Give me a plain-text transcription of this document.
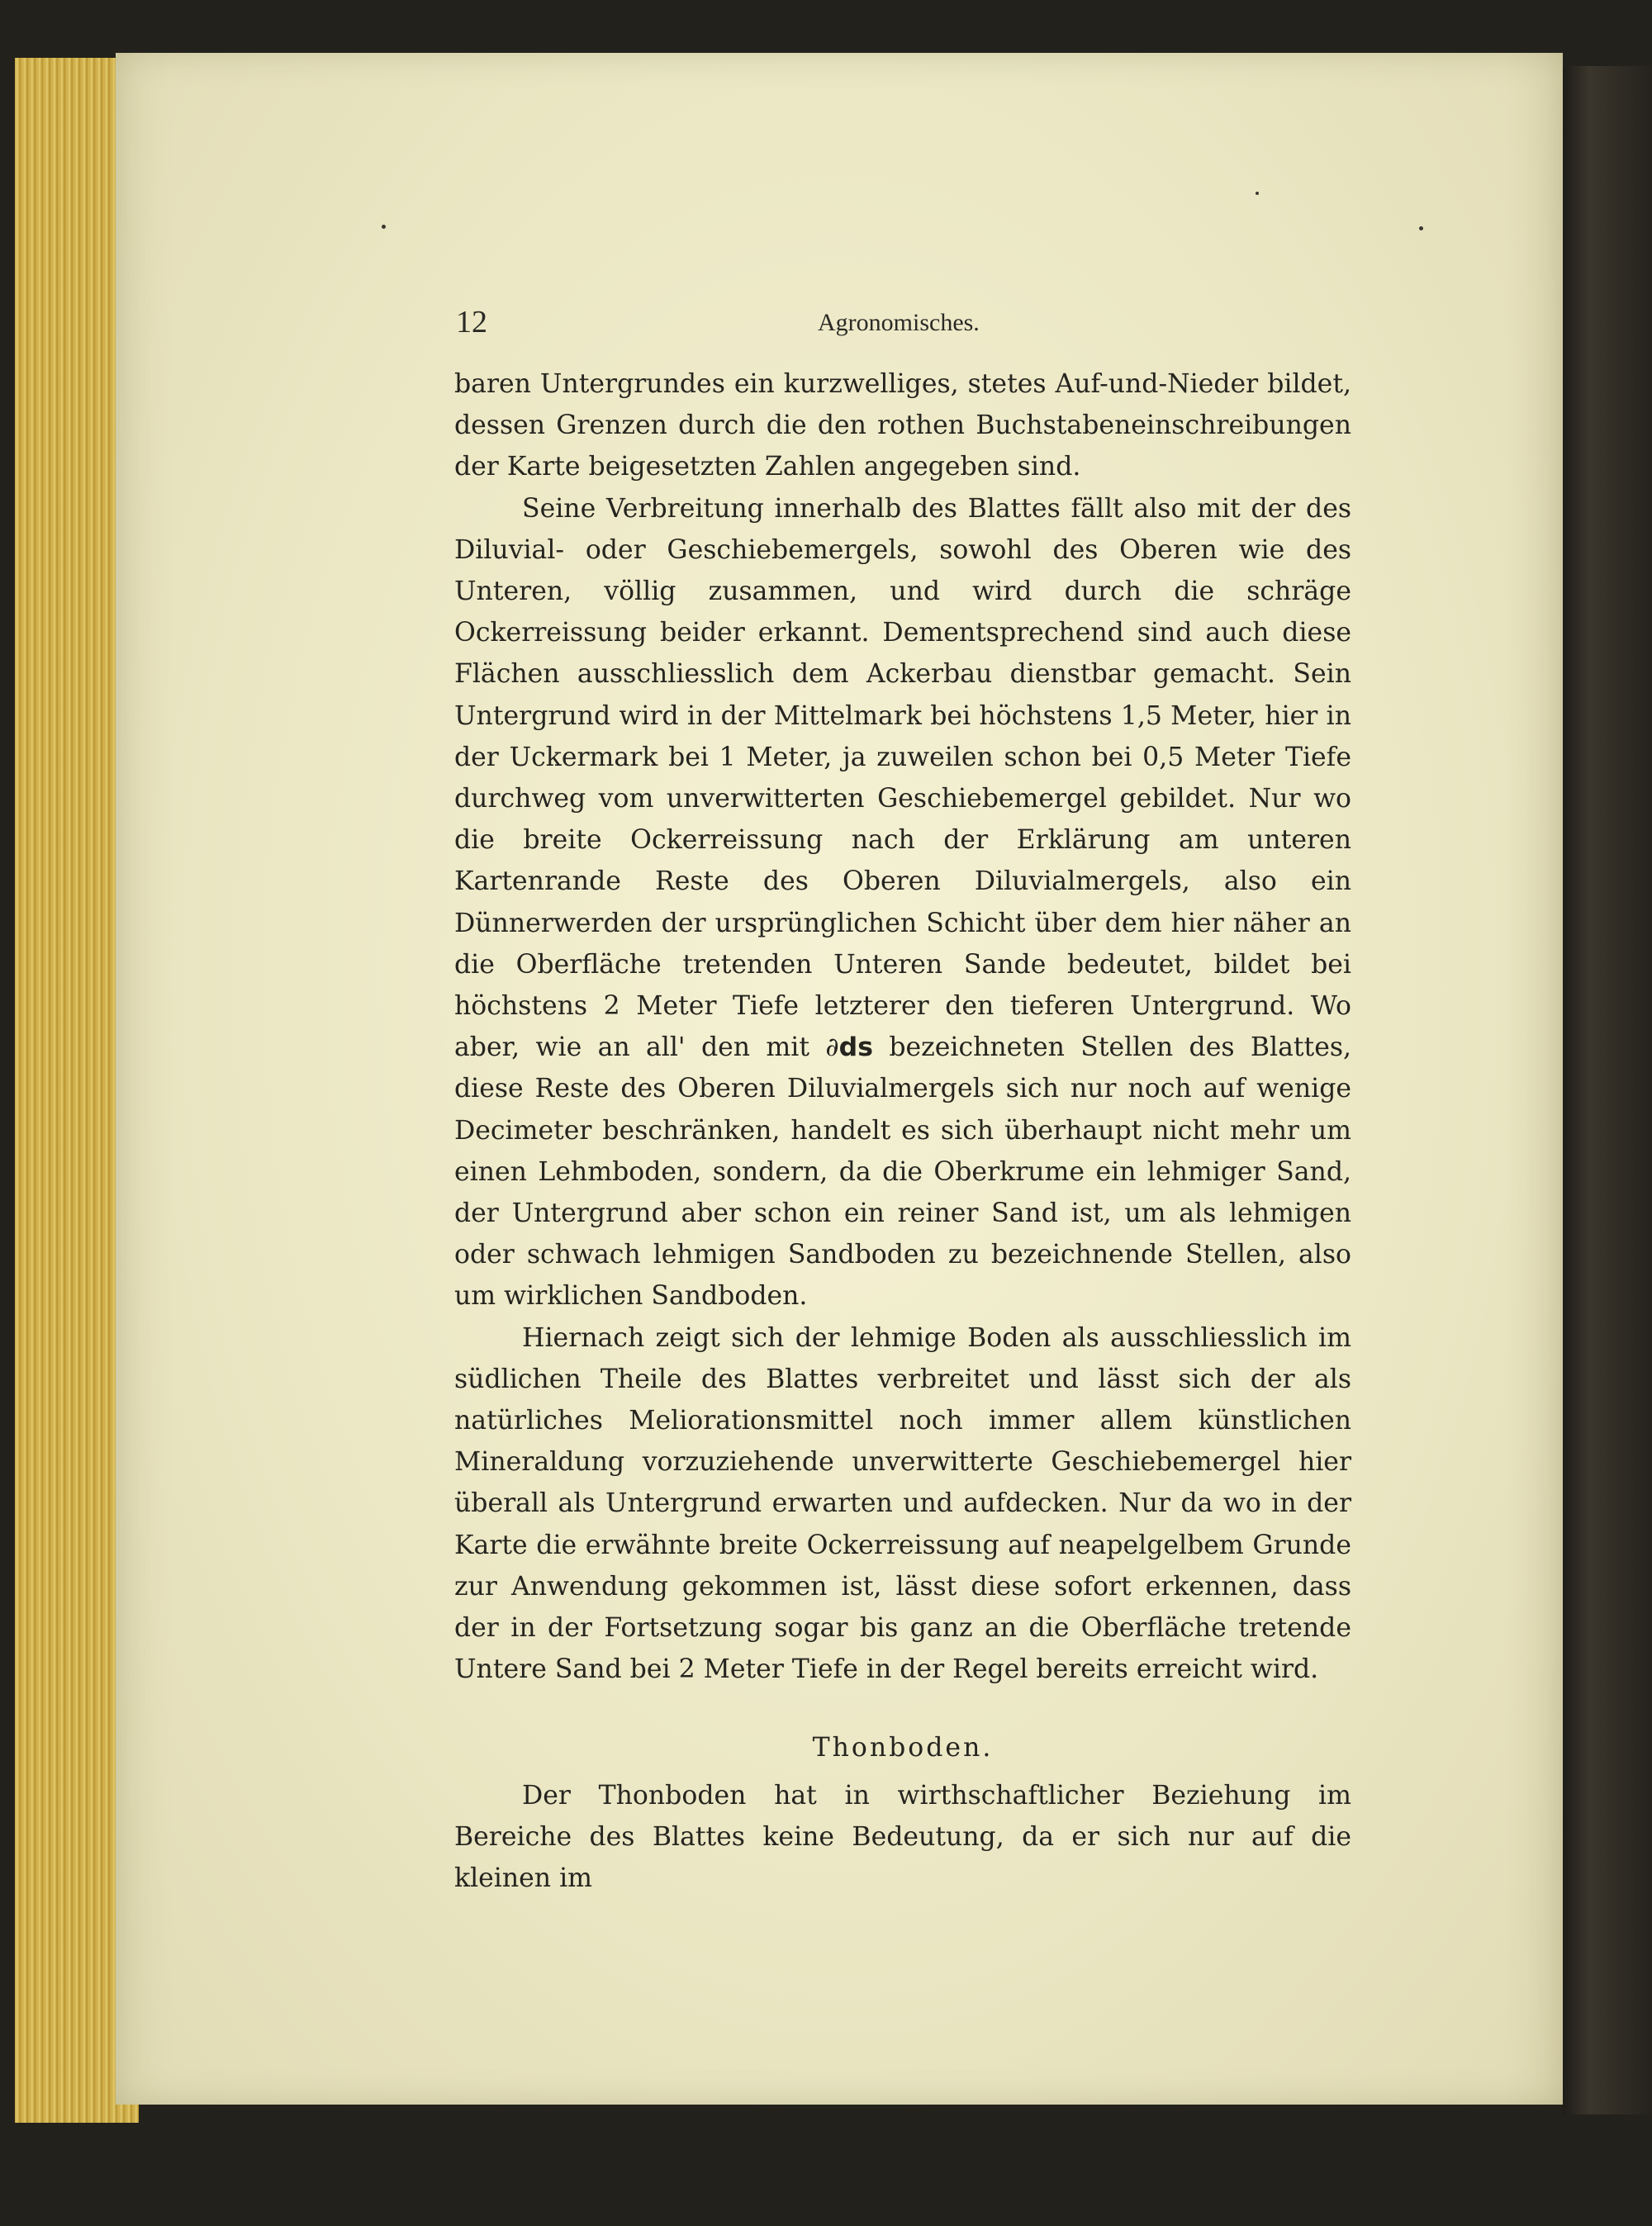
12	Agronomisches.

baren Untergrundes ein kurzwelliges, stetes Auf-und-Nieder bildet, dessen Grenzen durch die den rothen Buchstabeneinschreibungen der Karte beigesetzten Zahlen angegeben sind.

Seine Verbreitung innerhalb des Blattes fällt also mit der des Diluvial- oder Geschiebemergels, sowohl des Oberen wie des Unteren, völlig zusammen, und wird durch die schräge Ockerreissung beider erkannt. Dementsprechend sind auch diese Flächen ausschliesslich dem Ackerbau dienstbar gemacht. Sein Untergrund wird in der Mittelmark bei höchstens 1,5 Meter, hier in der Uckermark bei 1 Meter, ja zuweilen schon bei 0,5 Meter Tiefe durchweg vom unverwitterten Geschiebemergel gebildet. Nur wo die breite Ockerreissung nach der Erklärung am unteren Kartenrande Reste des Oberen Diluvialmergels, also ein Dünnerwerden der ursprünglichen Schicht über dem hier näher an die Oberfläche tretenden Unteren Sande bedeutet, bildet bei höchstens 2 Meter Tiefe letzterer den tieferen Untergrund. Wo aber, wie an all' den mit ∂ds bezeichneten Stellen des Blattes, diese Reste des Oberen Diluvialmergels sich nur noch auf wenige Decimeter beschränken, handelt es sich überhaupt nicht mehr um einen Lehmboden, sondern, da die Oberkrume ein lehmiger Sand, der Untergrund aber schon ein reiner Sand ist, um als lehmigen oder schwach lehmigen Sandboden zu bezeichnende Stellen, also um wirklichen Sandboden.

Hiernach zeigt sich der lehmige Boden als ausschliesslich im südlichen Theile des Blattes verbreitet und lässt sich der als natürliches Meliorationsmittel noch immer allem künstlichen Mineraldung vorzuziehende unverwitterte Geschiebemergel hier überall als Untergrund erwarten und aufdecken. Nur da wo in der Karte die erwähnte breite Ockerreissung auf neapelgelbem Grunde zur Anwendung gekommen ist, lässt diese sofort erkennen, dass der in der Fortsetzung sogar bis ganz an die Oberfläche tretende Untere Sand bei 2 Meter Tiefe in der Regel bereits erreicht wird.

Thonboden.

Der Thonboden hat in wirthschaftlicher Beziehung im Bereiche des Blattes keine Bedeutung, da er sich nur auf die kleinen im
